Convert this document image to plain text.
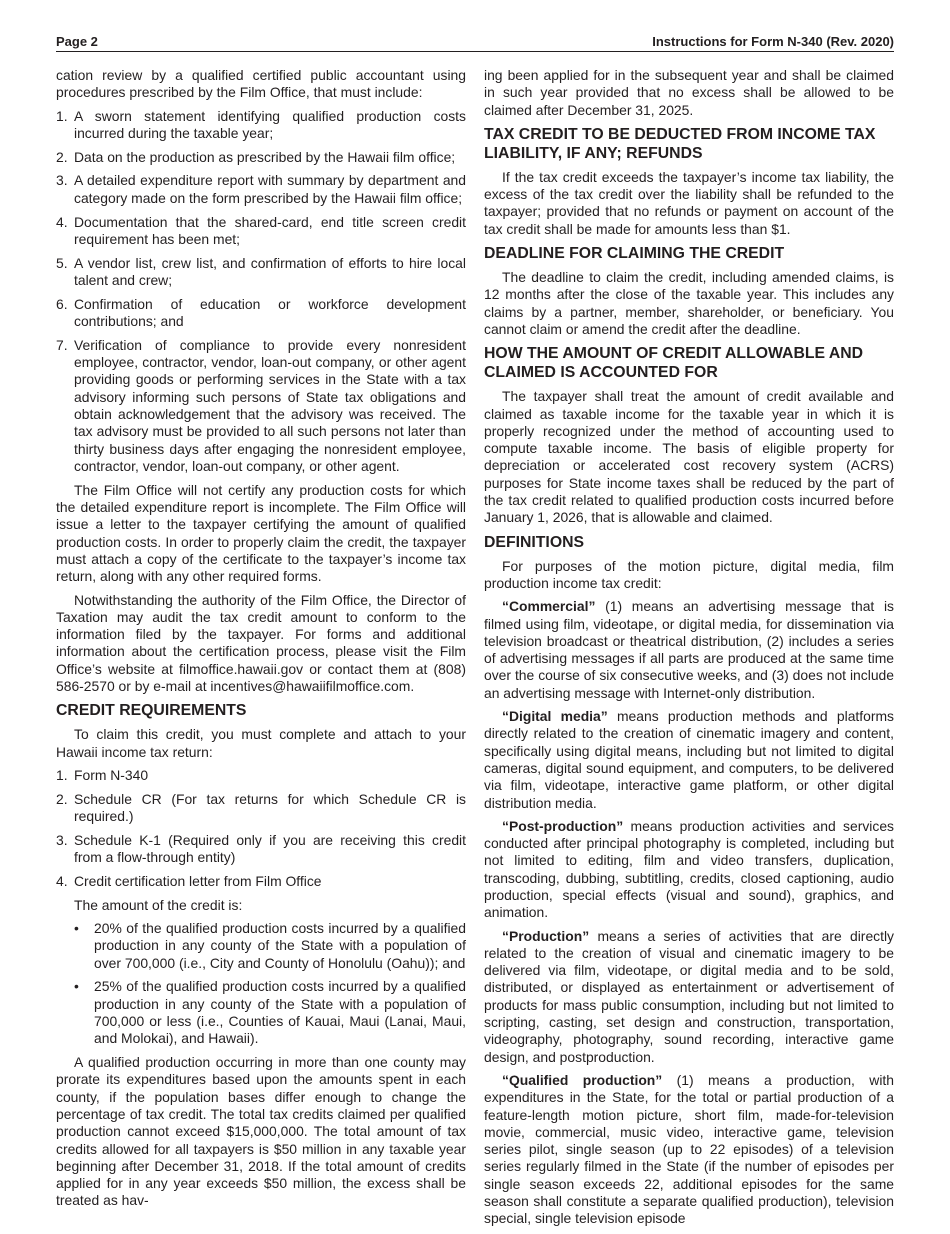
Page 2	Instructions for Form N-340 (Rev. 2020)

cation review by a qualified certified public accountant using procedures prescribed by the Film Office, that must include:

1. A sworn statement identifying qualified production costs incurred during the taxable year;
2. Data on the production as prescribed by the Hawaii film office;
3. A detailed expenditure report with summary by department and category made on the form prescribed by the Hawaii film office;
4. Documentation that the shared-card, end title screen credit requirement has been met;
5. A vendor list, crew list, and confirmation of efforts to hire local talent and crew;
6. Confirmation of education or workforce development contributions; and
7. Verification of compliance to provide every nonresident employee, contractor, vendor, loan-out company, or other agent providing goods or performing services in the State with a tax advisory informing such persons of State tax obligations and obtain acknowledgement that the advisory was received. The tax advisory must be provided to all such persons not later than thirty business days after engaging the nonresident employee, contractor, vendor, loan-out company, or other agent.

The Film Office will not certify any production costs for which the detailed expenditure report is incomplete. The Film Office will issue a letter to the taxpayer certifying the amount of qualified production costs. In order to properly claim the credit, the taxpayer must attach a copy of the certificate to the taxpayer’s income tax return, along with any other required forms.

Notwithstanding the authority of the Film Office, the Director of Taxation may audit the tax credit amount to conform to the information filed by the taxpayer. For forms and additional information about the certification process, please visit the Film Office’s website at filmoffice.hawaii.gov or contact them at (808) 586-2570 or by e-mail at incentives@hawaiifilmoffice.com.

CREDIT REQUIREMENTS

To claim this credit, you must complete and attach to your Hawaii income tax return:

1. Form N-340
2. Schedule CR (For tax returns for which Schedule CR is required.)
3. Schedule K-1 (Required only if you are receiving this credit from a flow-through entity)
4. Credit certification letter from Film Office

The amount of the credit is:

• 20% of the qualified production costs incurred by a qualified production in any county of the State with a population of over 700,000 (i.e., City and County of Honolulu (Oahu)); and
• 25% of the qualified production costs incurred by a qualified production in any county of the State with a population of 700,000 or less (i.e., Counties of Kauai, Maui (Lanai, Maui, and Molokai), and Hawaii).

A qualified production occurring in more than one county may prorate its expenditures based upon the amounts spent in each county, if the population bases differ enough to change the percentage of tax credit. The total tax credits claimed per qualified production cannot exceed $15,000,000. The total amount of tax credits allowed for all taxpayers is $50 million in any taxable year beginning after December 31, 2018. If the total amount of credits applied for in any year exceeds $50 million, the excess shall be treated as hav-

ing been applied for in the subsequent year and shall be claimed in such year provided that no excess shall be allowed to be claimed after December 31, 2025.

TAX CREDIT TO BE DEDUCTED FROM INCOME TAX LIABILITY, IF ANY; REFUNDS

If the tax credit exceeds the taxpayer’s income tax liability, the excess of the tax credit over the liability shall be refunded to the taxpayer; provided that no refunds or payment on account of the tax credit shall be made for amounts less than $1.

DEADLINE FOR CLAIMING THE CREDIT

The deadline to claim the credit, including amended claims, is 12 months after the close of the taxable year. This includes any claims by a partner, member, shareholder, or beneficiary. You cannot claim or amend the credit after the deadline.

HOW THE AMOUNT OF CREDIT ALLOWABLE AND CLAIMED IS ACCOUNTED FOR

The taxpayer shall treat the amount of credit available and claimed as taxable income for the taxable year in which it is properly recognized under the method of accounting used to compute taxable income. The basis of eligible property for depreciation or accelerated cost recovery system (ACRS) purposes for State income taxes shall be reduced by the part of the tax credit related to qualified production costs incurred before January 1, 2026, that is allowable and claimed.

DEFINITIONS

For purposes of the motion picture, digital media, film production income tax credit:

“Commercial” (1) means an advertising message that is filmed using film, videotape, or digital media, for dissemination via television broadcast or theatrical distribution, (2) includes a series of advertising messages if all parts are produced at the same time over the course of six consecutive weeks, and (3) does not include an advertising message with Internet-only distribution.

“Digital media” means production methods and platforms directly related to the creation of cinematic imagery and content, specifically using digital means, including but not limited to digital cameras, digital sound equipment, and computers, to be delivered via film, videotape, interactive game platform, or other digital distribution media.

“Post-production” means production activities and services conducted after principal photography is completed, including but not limited to editing, film and video transfers, duplication, transcoding, dubbing, subtitling, credits, closed captioning, audio production, special effects (visual and sound), graphics, and animation.

“Production” means a series of activities that are directly related to the creation of visual and cinematic imagery to be delivered via film, videotape, or digital media and to be sold, distributed, or displayed as entertainment or advertisement of products for mass public consumption, including but not limited to scripting, casting, set design and construction, transportation, videography, photography, sound recording, interactive game design, and postproduction.

“Qualified production” (1) means a production, with expenditures in the State, for the total or partial production of a feature-length motion picture, short film, made-for-television movie, commercial, music video, interactive game, television series pilot, single season (up to 22 episodes) of a television series regularly filmed in the State (if the number of episodes per single season exceeds 22, additional episodes for the same season shall constitute a separate qualified production), television special, single television episode
